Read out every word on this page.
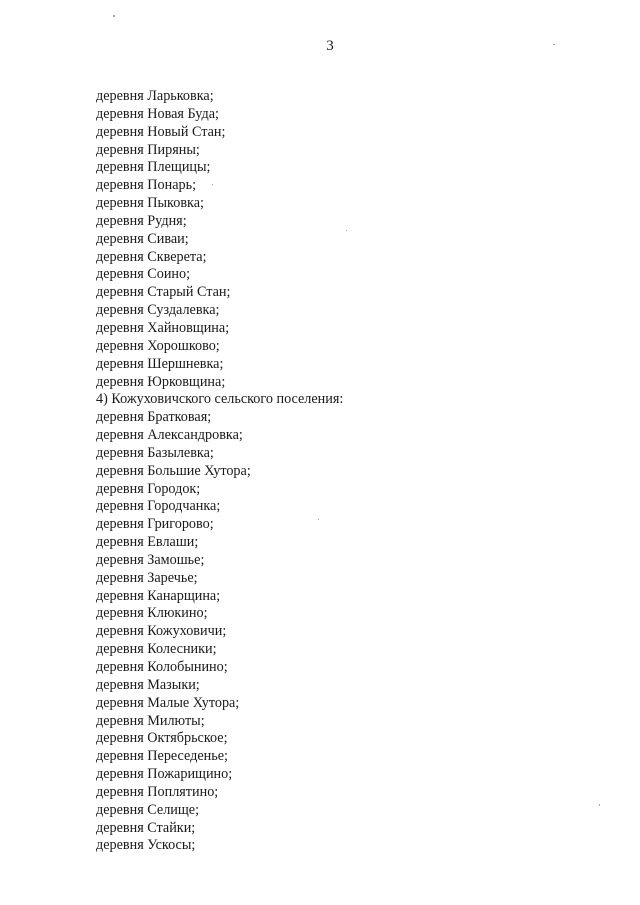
3
деревня Ларьковка;
деревня Новая Буда;
деревня Новый Стан;
деревня Пиряны;
деревня Плещицы;
деревня Понарь;
деревня Пыковка;
деревня Рудня;
деревня Сиваи;
деревня Скверета;
деревня Соино;
деревня Старый Стан;
деревня Суздалевка;
деревня Хайновщина;
деревня Хорошково;
деревня Шершневка;
деревня Юрковщина;
4) Кожуховичского сельского поселения:
деревня Братковая;
деревня Александровка;
деревня Базылевка;
деревня Большие Хутора;
деревня Городок;
деревня Городчанка;
деревня Григорово;
деревня Евлаши;
деревня Замошье;
деревня Заречье;
деревня Канарщина;
деревня Клюкино;
деревня Кожуховичи;
деревня Колесники;
деревня Колобынино;
деревня Мазыки;
деревня Малые Хутора;
деревня Милюты;
деревня Октябрьское;
деревня Переседенье;
деревня Пожарищино;
деревня Поплятино;
деревня Селище;
деревня Стайки;
деревня Ускосы;
